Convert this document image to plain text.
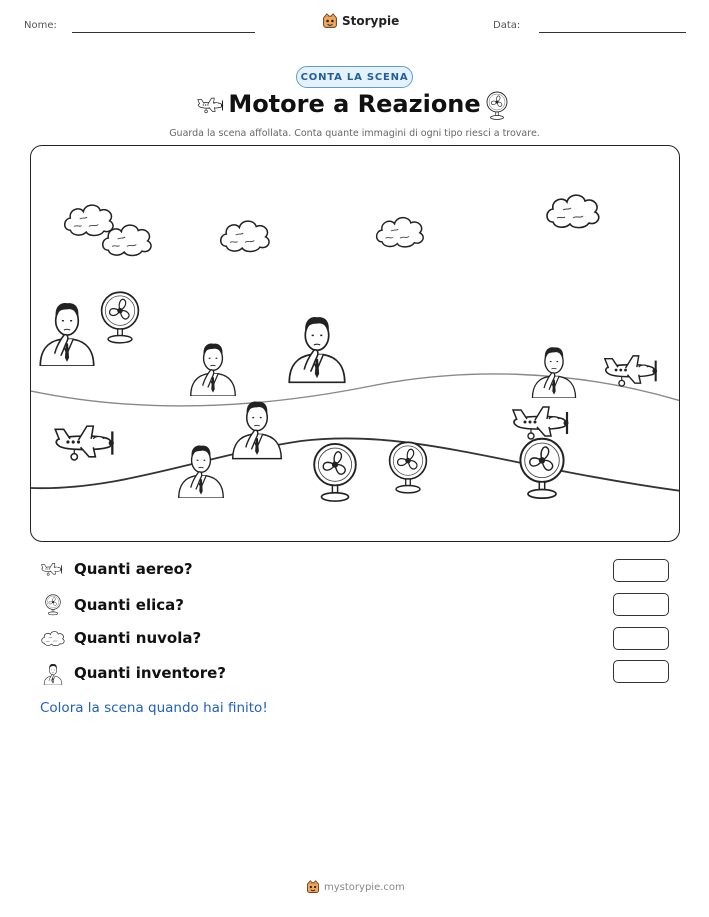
Nome:	Storypie	Data:
CONTA LA SCENA
Motore a Reazione
Guarda la scena affollata. Conta quante immagini di ogni tipo riesci a trovare.
Quanti aereo?
Quanti elica?
Quanti nuvola?
Quanti inventore?
Colora la scena quando hai finito!
mystorypie.com
